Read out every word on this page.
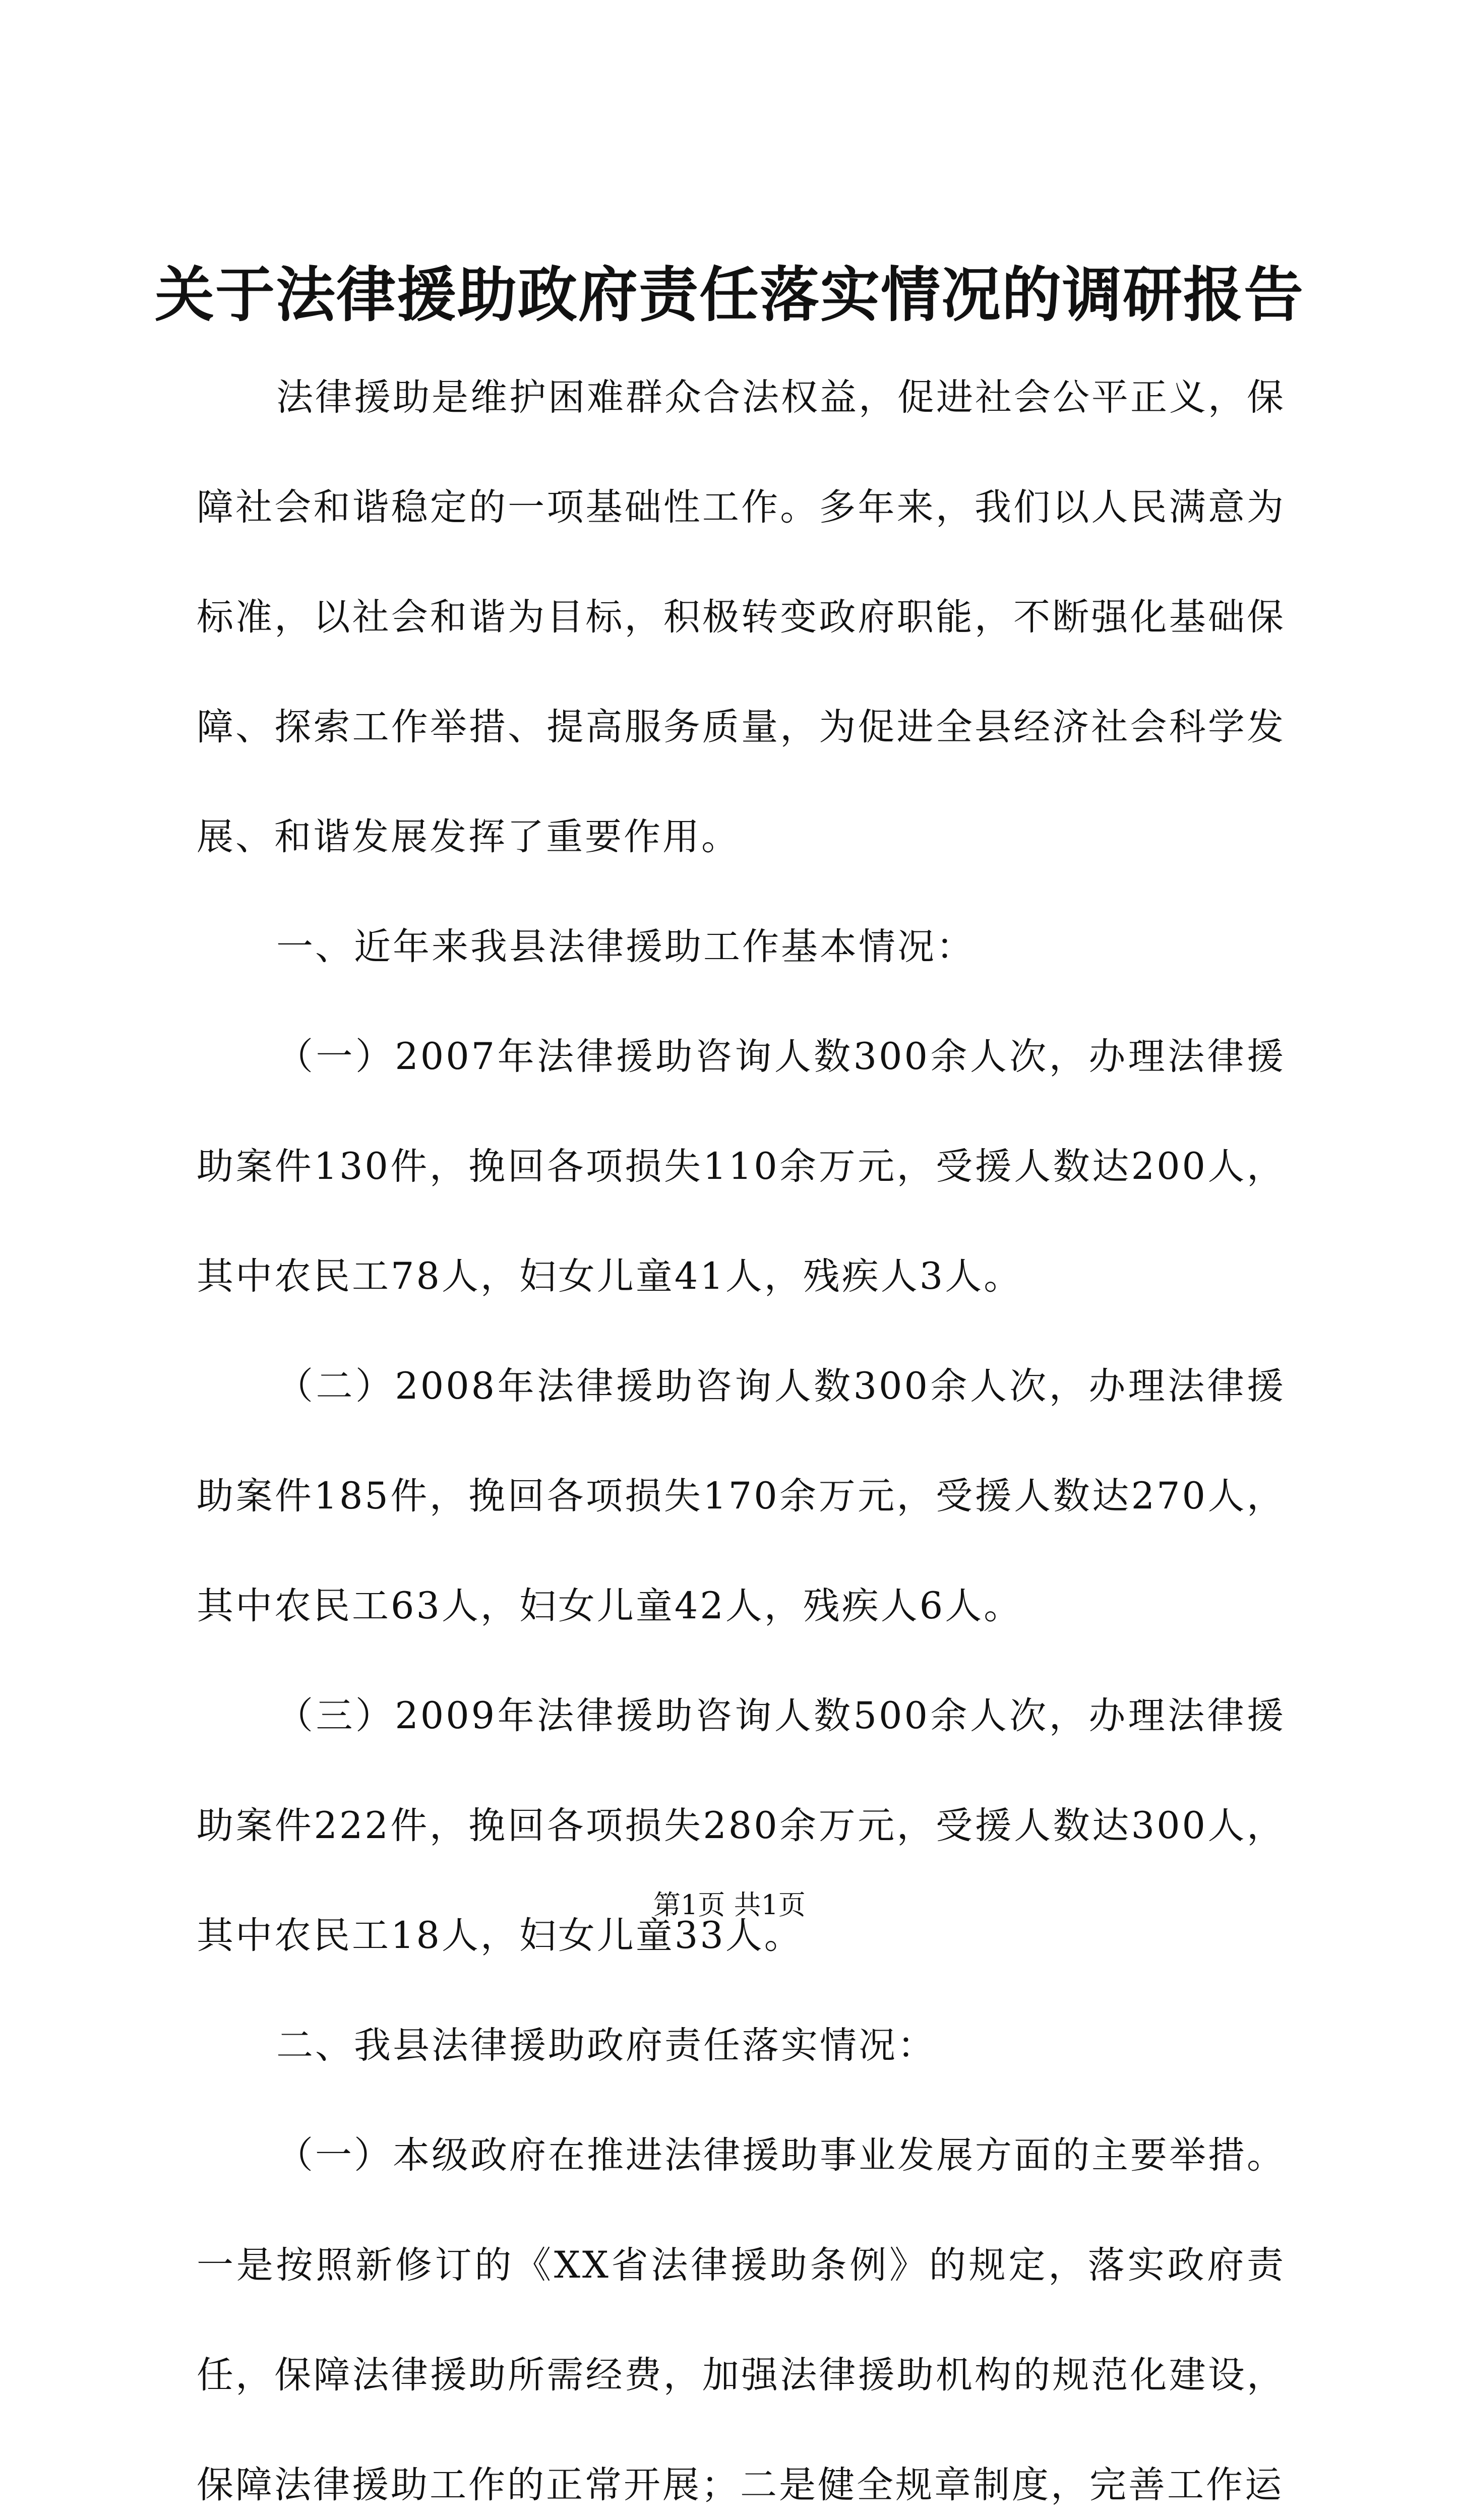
关于法律援助政府责任落实情况的调研报告

法律援助是维护困难群众合法权益，促进社会公平正义，保障社会和谐稳定的一项基础性工作。多年来，我们以人民满意为标准，以社会和谐为目标，积极转变政府职能，不断强化基础保障、探索工作举措、提高服务质量，为促进全县经济社会科学发展、和谐发展发挥了重要作用。

一、近年来我县法律援助工作基本情况：

（一）2007年法律援助咨询人数300余人次，办理法律援助案件130件，挽回各项损失110余万元，受援人数达200人，其中农民工78人，妇女儿童41人，残疾人3人。

（二）2008年法律援助咨询人数300余人次，办理法律援助案件185件，挽回各项损失170余万元，受援人数达270人，其中农民工63人，妇女儿童42人，残疾人6人。

（三）2009年法律援助咨询人数500余人次，办理法律援助案件222件，挽回各项损失280余万元，受援人数达300人，其中农民工18人，妇女儿童33人。

二、我县法律援助政府责任落实情况：

（一）本级政府在推进法律援助事业发展方面的主要举措。一是按照新修订的《XX省法律援助条例》的规定，落实政府责任，保障法律援助所需经费，加强法律援助机构的规范化建设，保障法律援助工作的正常开展；二是健全规章制度，完善工作运

第1页 共1页
